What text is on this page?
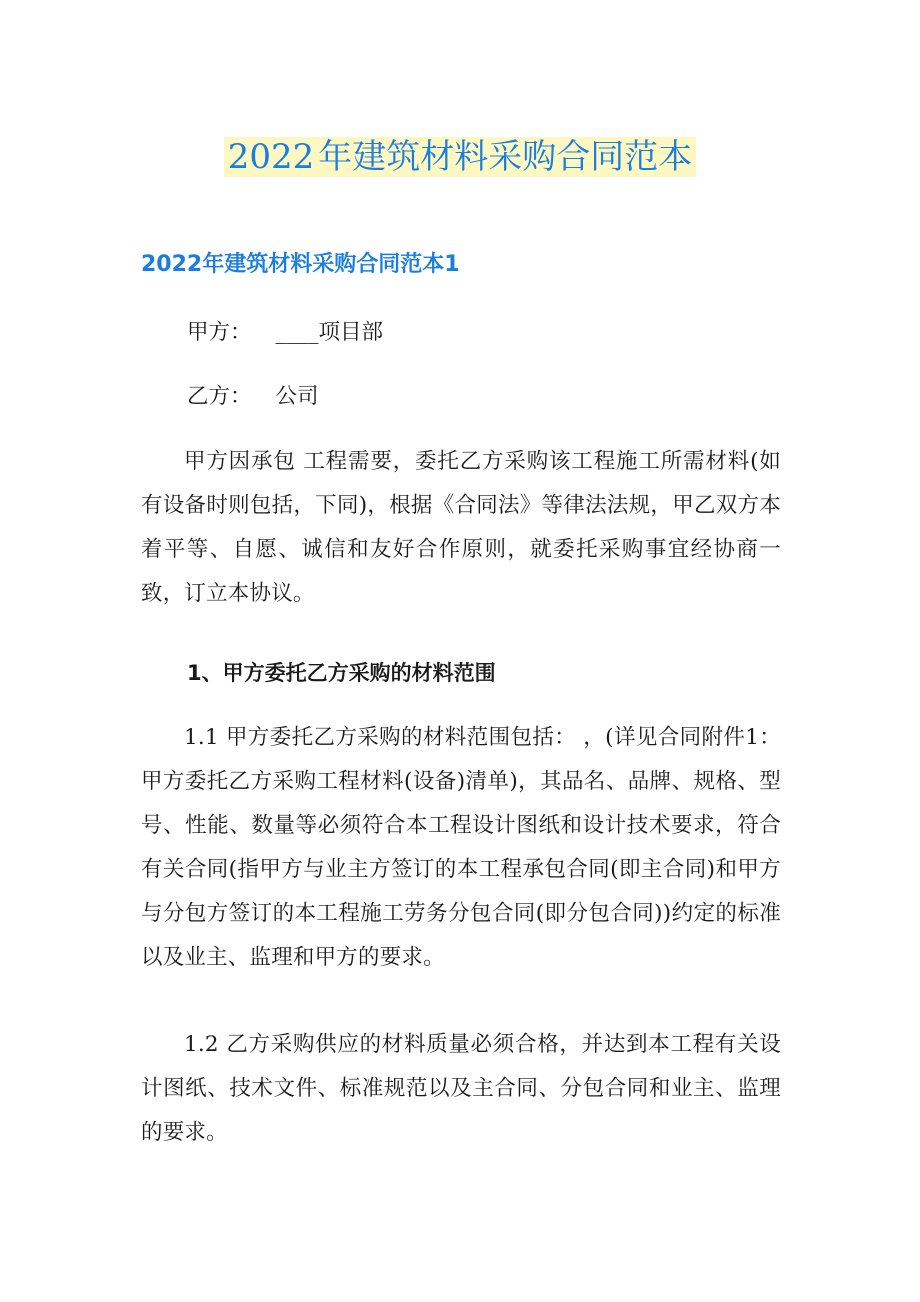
2022 年建筑材料采购合同范本
2022年建筑材料采购合同范本1

甲方： ____项目部

乙方： 公司

甲方因承包 工程需要，委托乙方采购该工程施工所需材料(如有设备时则包括，下同)，根据《合同法》等律法法规，甲乙双方本着平等、自愿、诚信和友好合作原则，就委托采购事宜经协商一致，订立本协议。

1、甲方委托乙方采购的材料范围

1.1 甲方委托乙方采购的材料范围包括： ，(详见合同附件1：甲方委托乙方采购工程材料(设备)清单)，其品名、品牌、规格、型号、性能、数量等必须符合本工程设计图纸和设计技术要求，符合有关合同(指甲方与业主方签订的本工程承包合同(即主合同)和甲方与分包方签订的本工程施工劳务分包合同(即分包合同))约定的标准以及业主、监理和甲方的要求。

1.2 乙方采购供应的材料质量必须合格，并达到本工程有关设计图纸、技术文件、标准规范以及主合同、分包合同和业主、监理的要求。
